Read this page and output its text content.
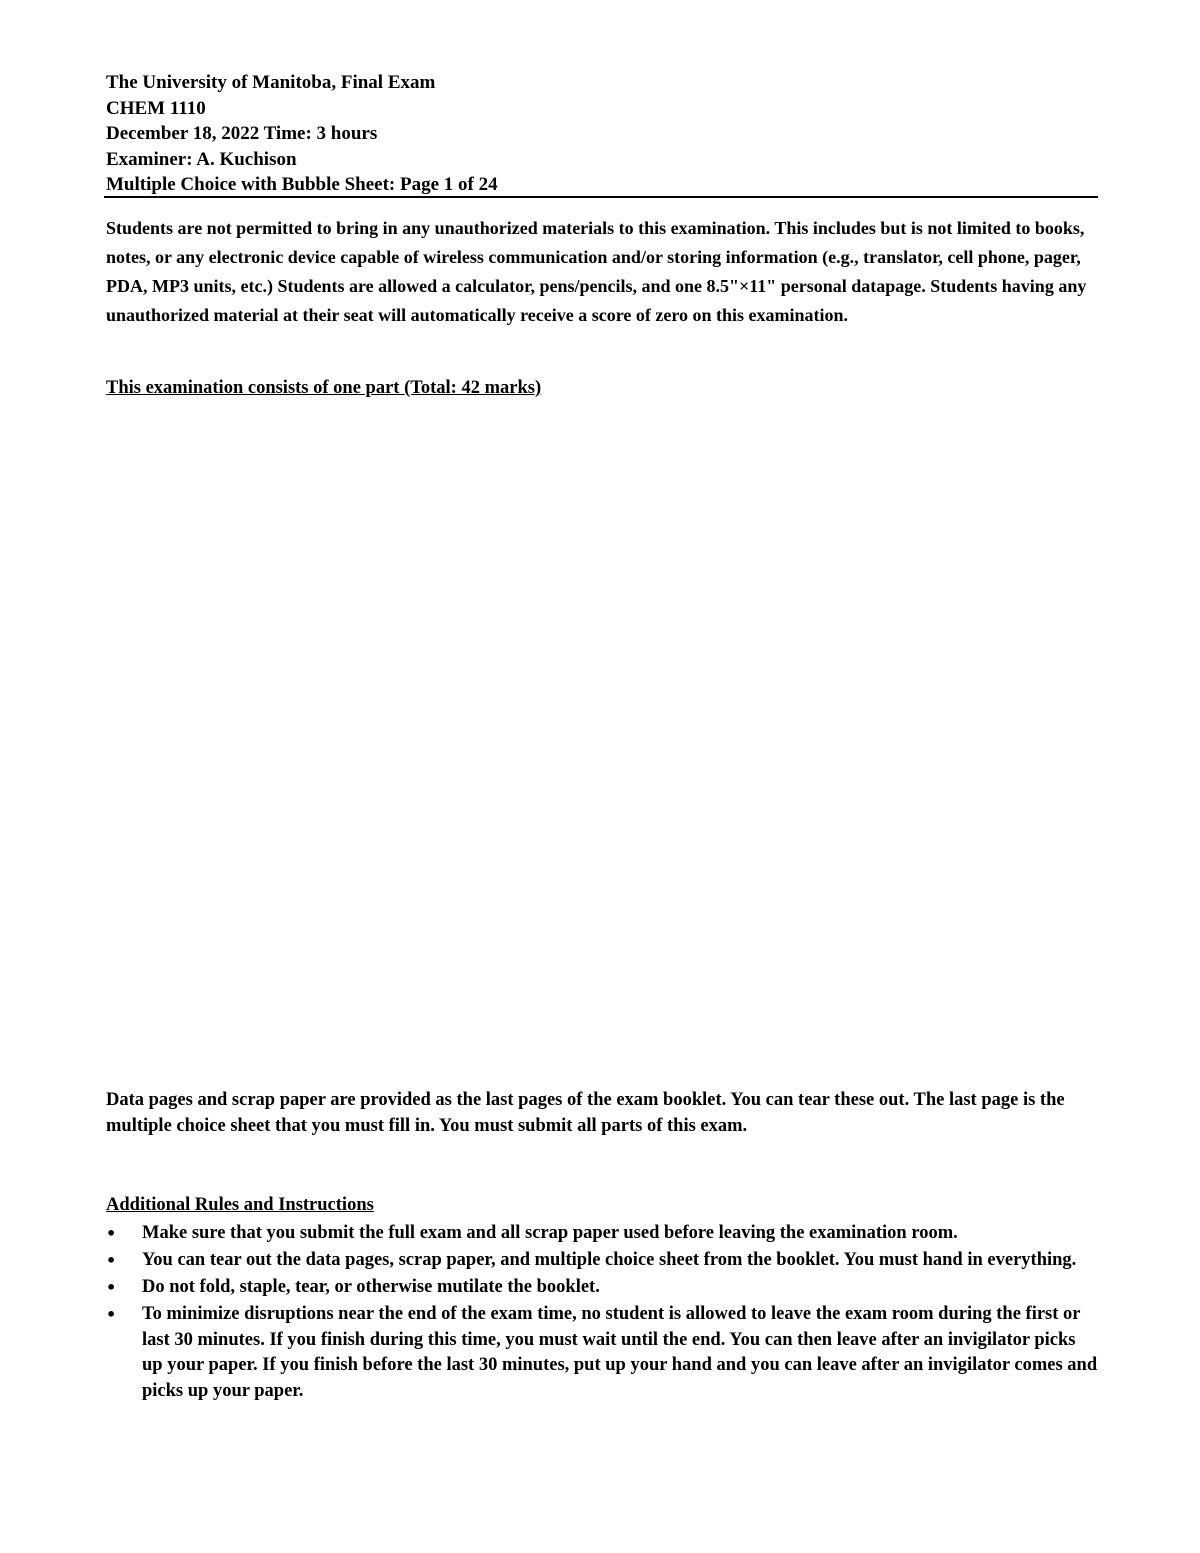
The University of Manitoba, Final Exam
CHEM 1110
December 18, 2022 Time: 3 hours
Examiner: A. Kuchison
Multiple Choice with Bubble Sheet: Page 1 of 24
Students are not permitted to bring in any unauthorized materials to this examination. This includes but is not limited to books, notes, or any electronic device capable of wireless communication and/or storing information (e.g., translator, cell phone, pager, PDA, MP3 units, etc.) Students are allowed a calculator, pens/pencils, and one 8.5"×11" personal datapage. Students having any unauthorized material at their seat will automatically receive a score of zero on this examination.
This examination consists of one part (Total: 42 marks)
Data pages and scrap paper are provided as the last pages of the exam booklet. You can tear these out. The last page is the multiple choice sheet that you must fill in. You must submit all parts of this exam.
Additional Rules and Instructions
•	Make sure that you submit the full exam and all scrap paper used before leaving the examination room.
•	You can tear out the data pages, scrap paper, and multiple choice sheet from the booklet. You must hand in everything.
•	Do not fold, staple, tear, or otherwise mutilate the booklet.
•	To minimize disruptions near the end of the exam time, no student is allowed to leave the exam room during the first or last 30 minutes. If you finish during this time, you must wait until the end. You can then leave after an invigilator picks up your paper. If you finish before the last 30 minutes, put up your hand and you can leave after an invigilator comes and picks up your paper.
